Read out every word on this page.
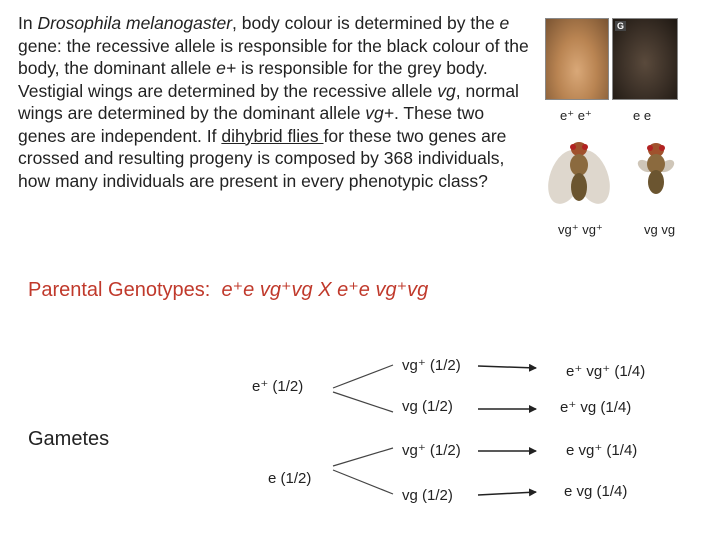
In Drosophila melanogaster, body colour is determined by the e gene: the recessive allele is responsible for the black colour of the body, the dominant allele e+ is responsible for the grey body. Vestigial wings are determined by the recessive allele vg, normal wings are determined by the dominant allele vg+. These two genes are independent. If dihybrid flies for these two genes are crossed and resulting progeny is composed by 368 individuals, how many individuals are present in every phenotypic class?
G
e⁺ e⁺	e e
vg⁺ vg⁺	vg vg
Parental Genotypes: e⁺e vg⁺vg X e⁺e vg⁺vg
Gametes
e⁺ (1/2)
e (1/2)
vg⁺ (1/2)
vg (1/2)
vg⁺ (1/2)
vg (1/2)
e⁺ vg⁺ (1/4)
e⁺ vg (1/4)
e vg⁺ (1/4)
e vg (1/4)
